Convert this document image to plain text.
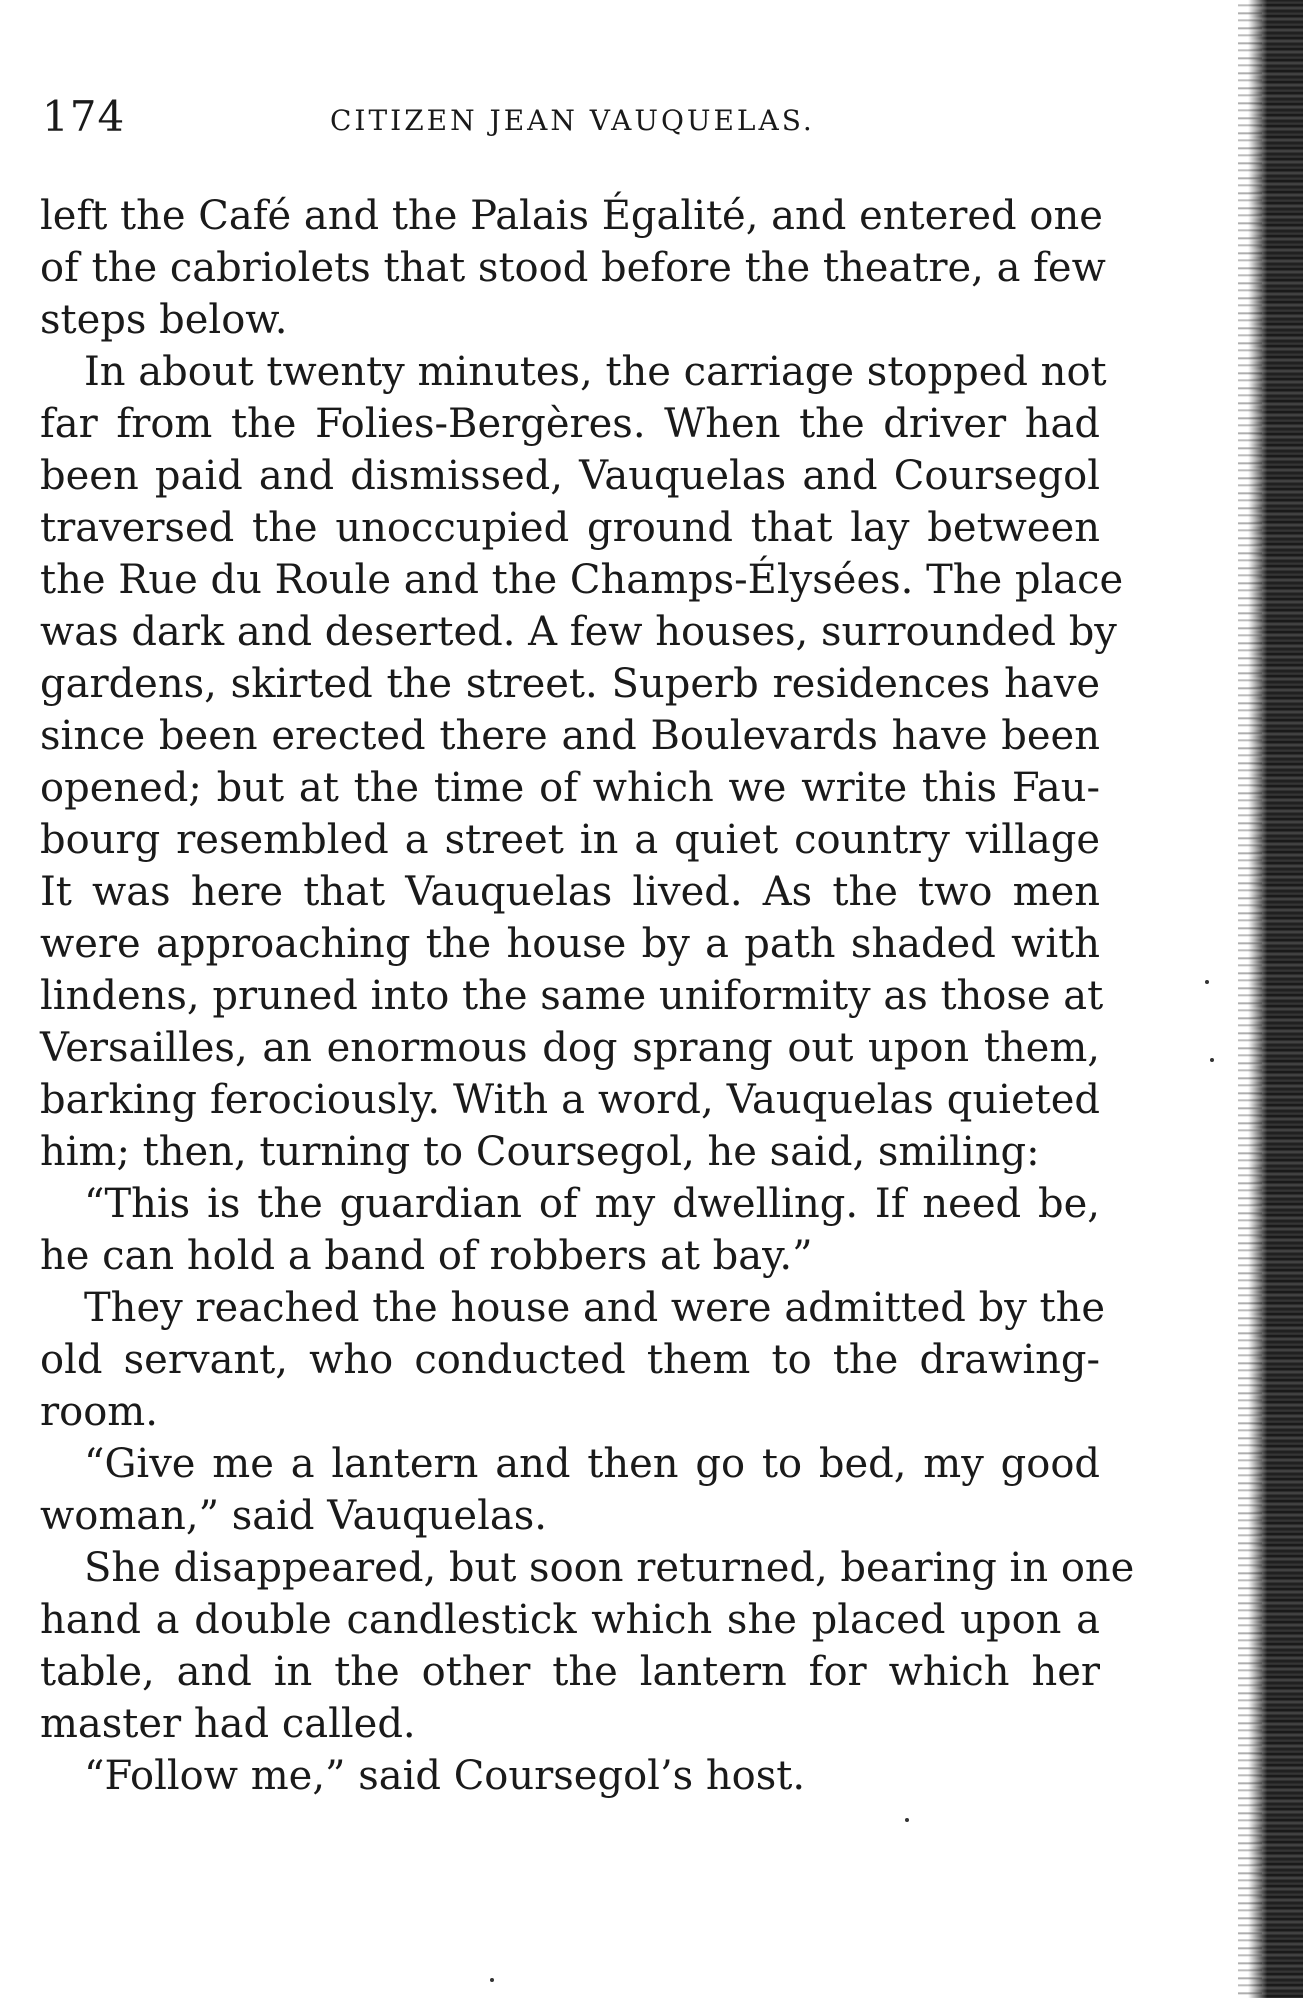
174	CITIZEN JEAN VAUQUELAS.
left the Café and the Palais Égalité, and entered one
of the cabriolets that stood before the theatre, a few
steps below.
In about twenty minutes, the carriage stopped not
far from the Folies-Bergères. When the driver had
been paid and dismissed, Vauquelas and Coursegol
traversed the unoccupied ground that lay between
the Rue du Roule and the Champs-Élysées. The place
was dark and deserted. A few houses, surrounded by
gardens, skirted the street. Superb residences have
since been erected there and Boulevards have been
opened; but at the time of which we write this Fau-
bourg resembled a street in a quiet country village
It was here that Vauquelas lived. As the two men
were approaching the house by a path shaded with
lindens, pruned into the same uniformity as those at
Versailles, an enormous dog sprang out upon them,
barking ferociously. With a word, Vauquelas quieted
him; then, turning to Coursegol, he said, smiling:
“This is the guardian of my dwelling. If need be,
he can hold a band of robbers at bay.”
They reached the house and were admitted by the
old servant, who conducted them to the drawing-
room.
“Give me a lantern and then go to bed, my good
woman,” said Vauquelas.
She disappeared, but soon returned, bearing in one
hand a double candlestick which she placed upon a
table, and in the other the lantern for which her
master had called.
“Follow me,” said Coursegol’s host.
